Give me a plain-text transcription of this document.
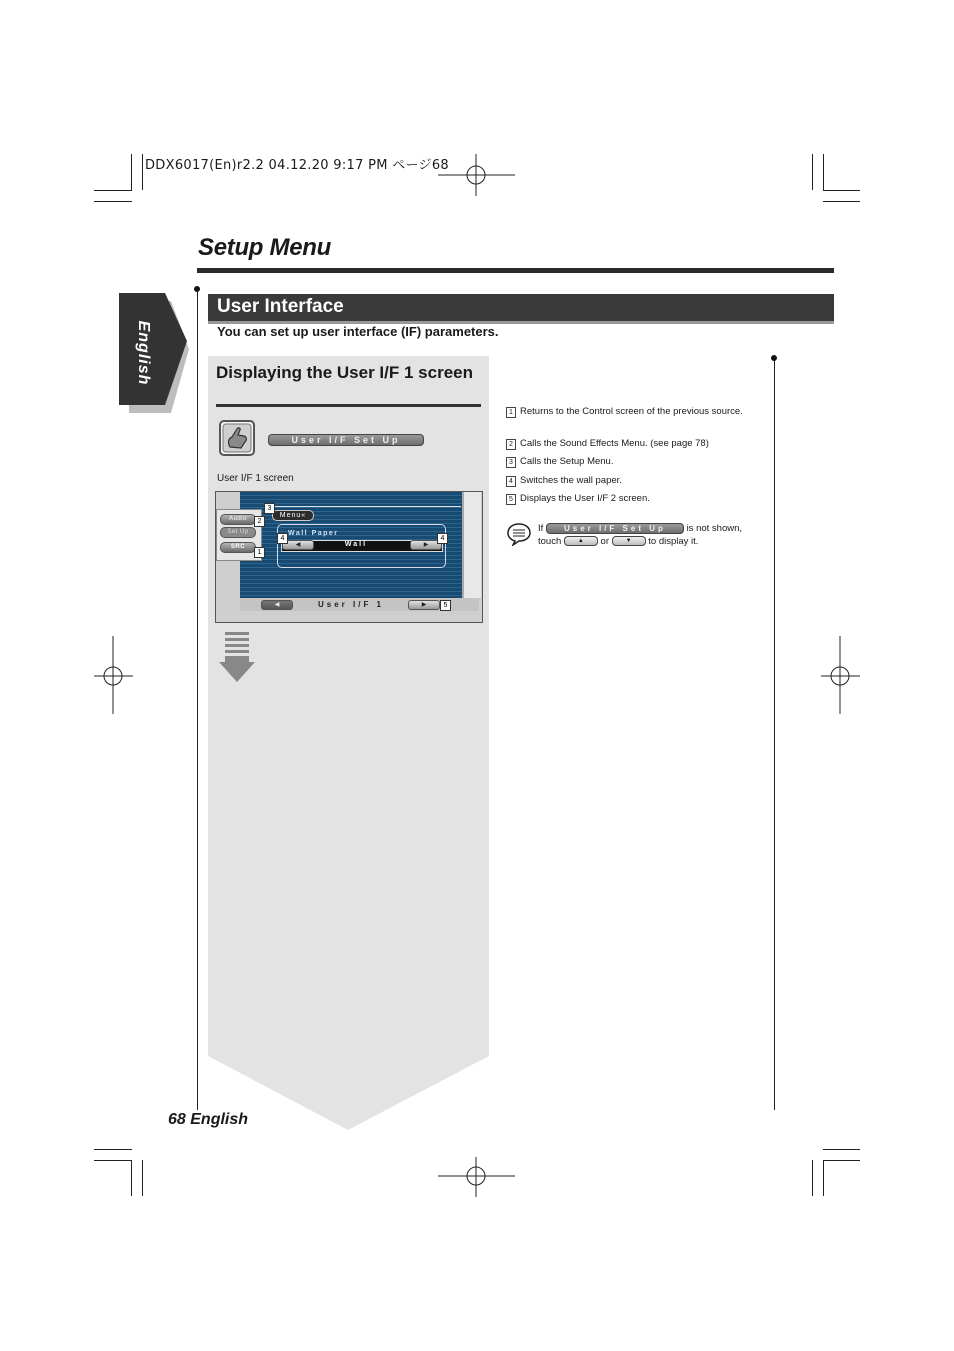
DDX6017(En)r2.2 04.12.20 9:17 PM ページ68
Setup Menu
English
User Interface
You can set up user interface (IF) parameters.
Displaying the User I/F 1 screen
User I/F Set Up
User I/F 1 screen
Audio
Set Up
SRC
Menu«
Wall Paper
◀	Wall	▶
◀	User I/F 1	▶
3
2
1
4	4
5
1 Returns to the Control screen of the previous source.
2 Calls the Sound Effects Menu. (see page 78)
3 Calls the Setup Menu.
4 Switches the wall paper.
5 Displays the User I/F 2 screen.
If	User I/F Set Up is not shown,
touch	▲ or	▼ to display it.
68 English
